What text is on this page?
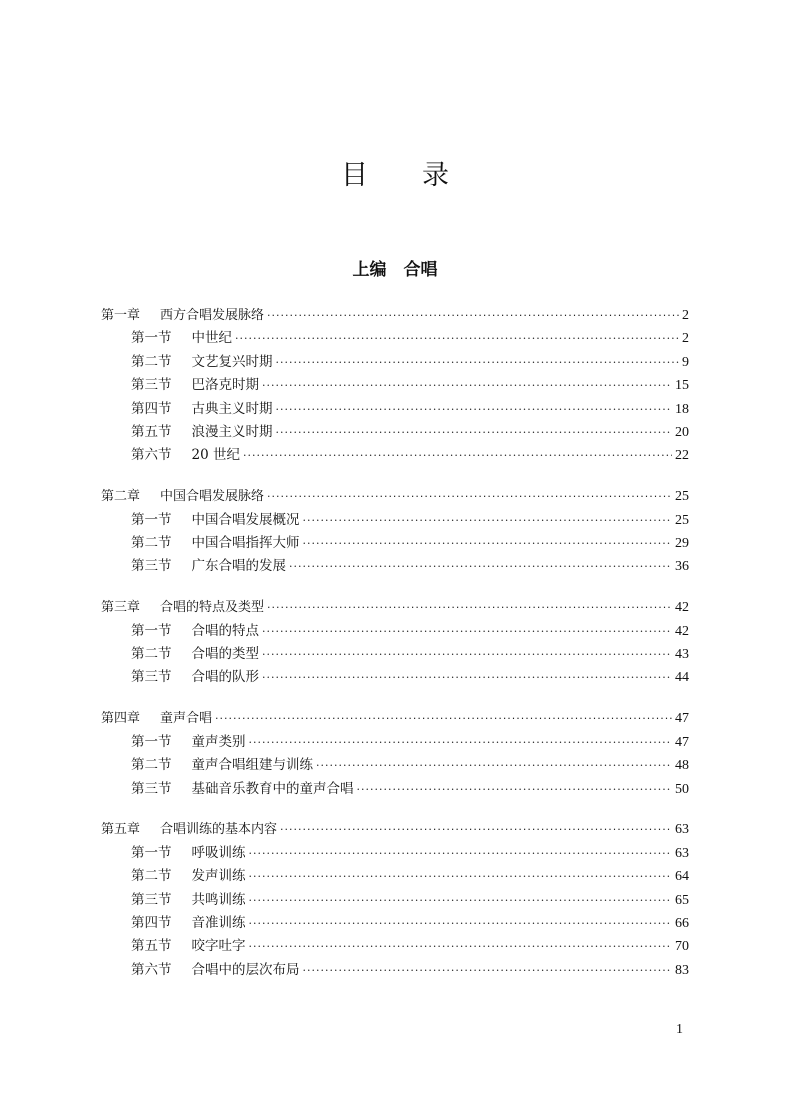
目录
上编　合唱
第一章 西方合唱发展脉络 ·····	2
第一节 中世纪 ·····	2
第二节 文艺复兴时期 ·····	9
第三节 巴洛克时期 ·····	15
第四节 古典主义时期 ·····	18
第五节 浪漫主义时期 ·····	20
第六节 20 世纪 ·····	22
第二章 中国合唱发展脉络 ·····	25
第一节 中国合唱发展概况 ·····	25
第二节 中国合唱指挥大师 ·····	29
第三节 广东合唱的发展 ·····	36
第三章 合唱的特点及类型 ·····	42
第一节 合唱的特点 ·····	42
第二节 合唱的类型 ·····	43
第三节 合唱的队形 ·····	44
第四章 童声合唱 ·····	47
第一节 童声类别 ·····	47
第二节 童声合唱组建与训练 ·····	48
第三节 基础音乐教育中的童声合唱 ·····	50
第五章 合唱训练的基本内容 ·····	63
第一节 呼吸训练 ·····	63
第二节 发声训练 ·····	64
第三节 共鸣训练 ·····	65
第四节 音准训练 ·····	66
第五节 咬字吐字 ·····	70
第六节 合唱中的层次布局 ·····	83
1
